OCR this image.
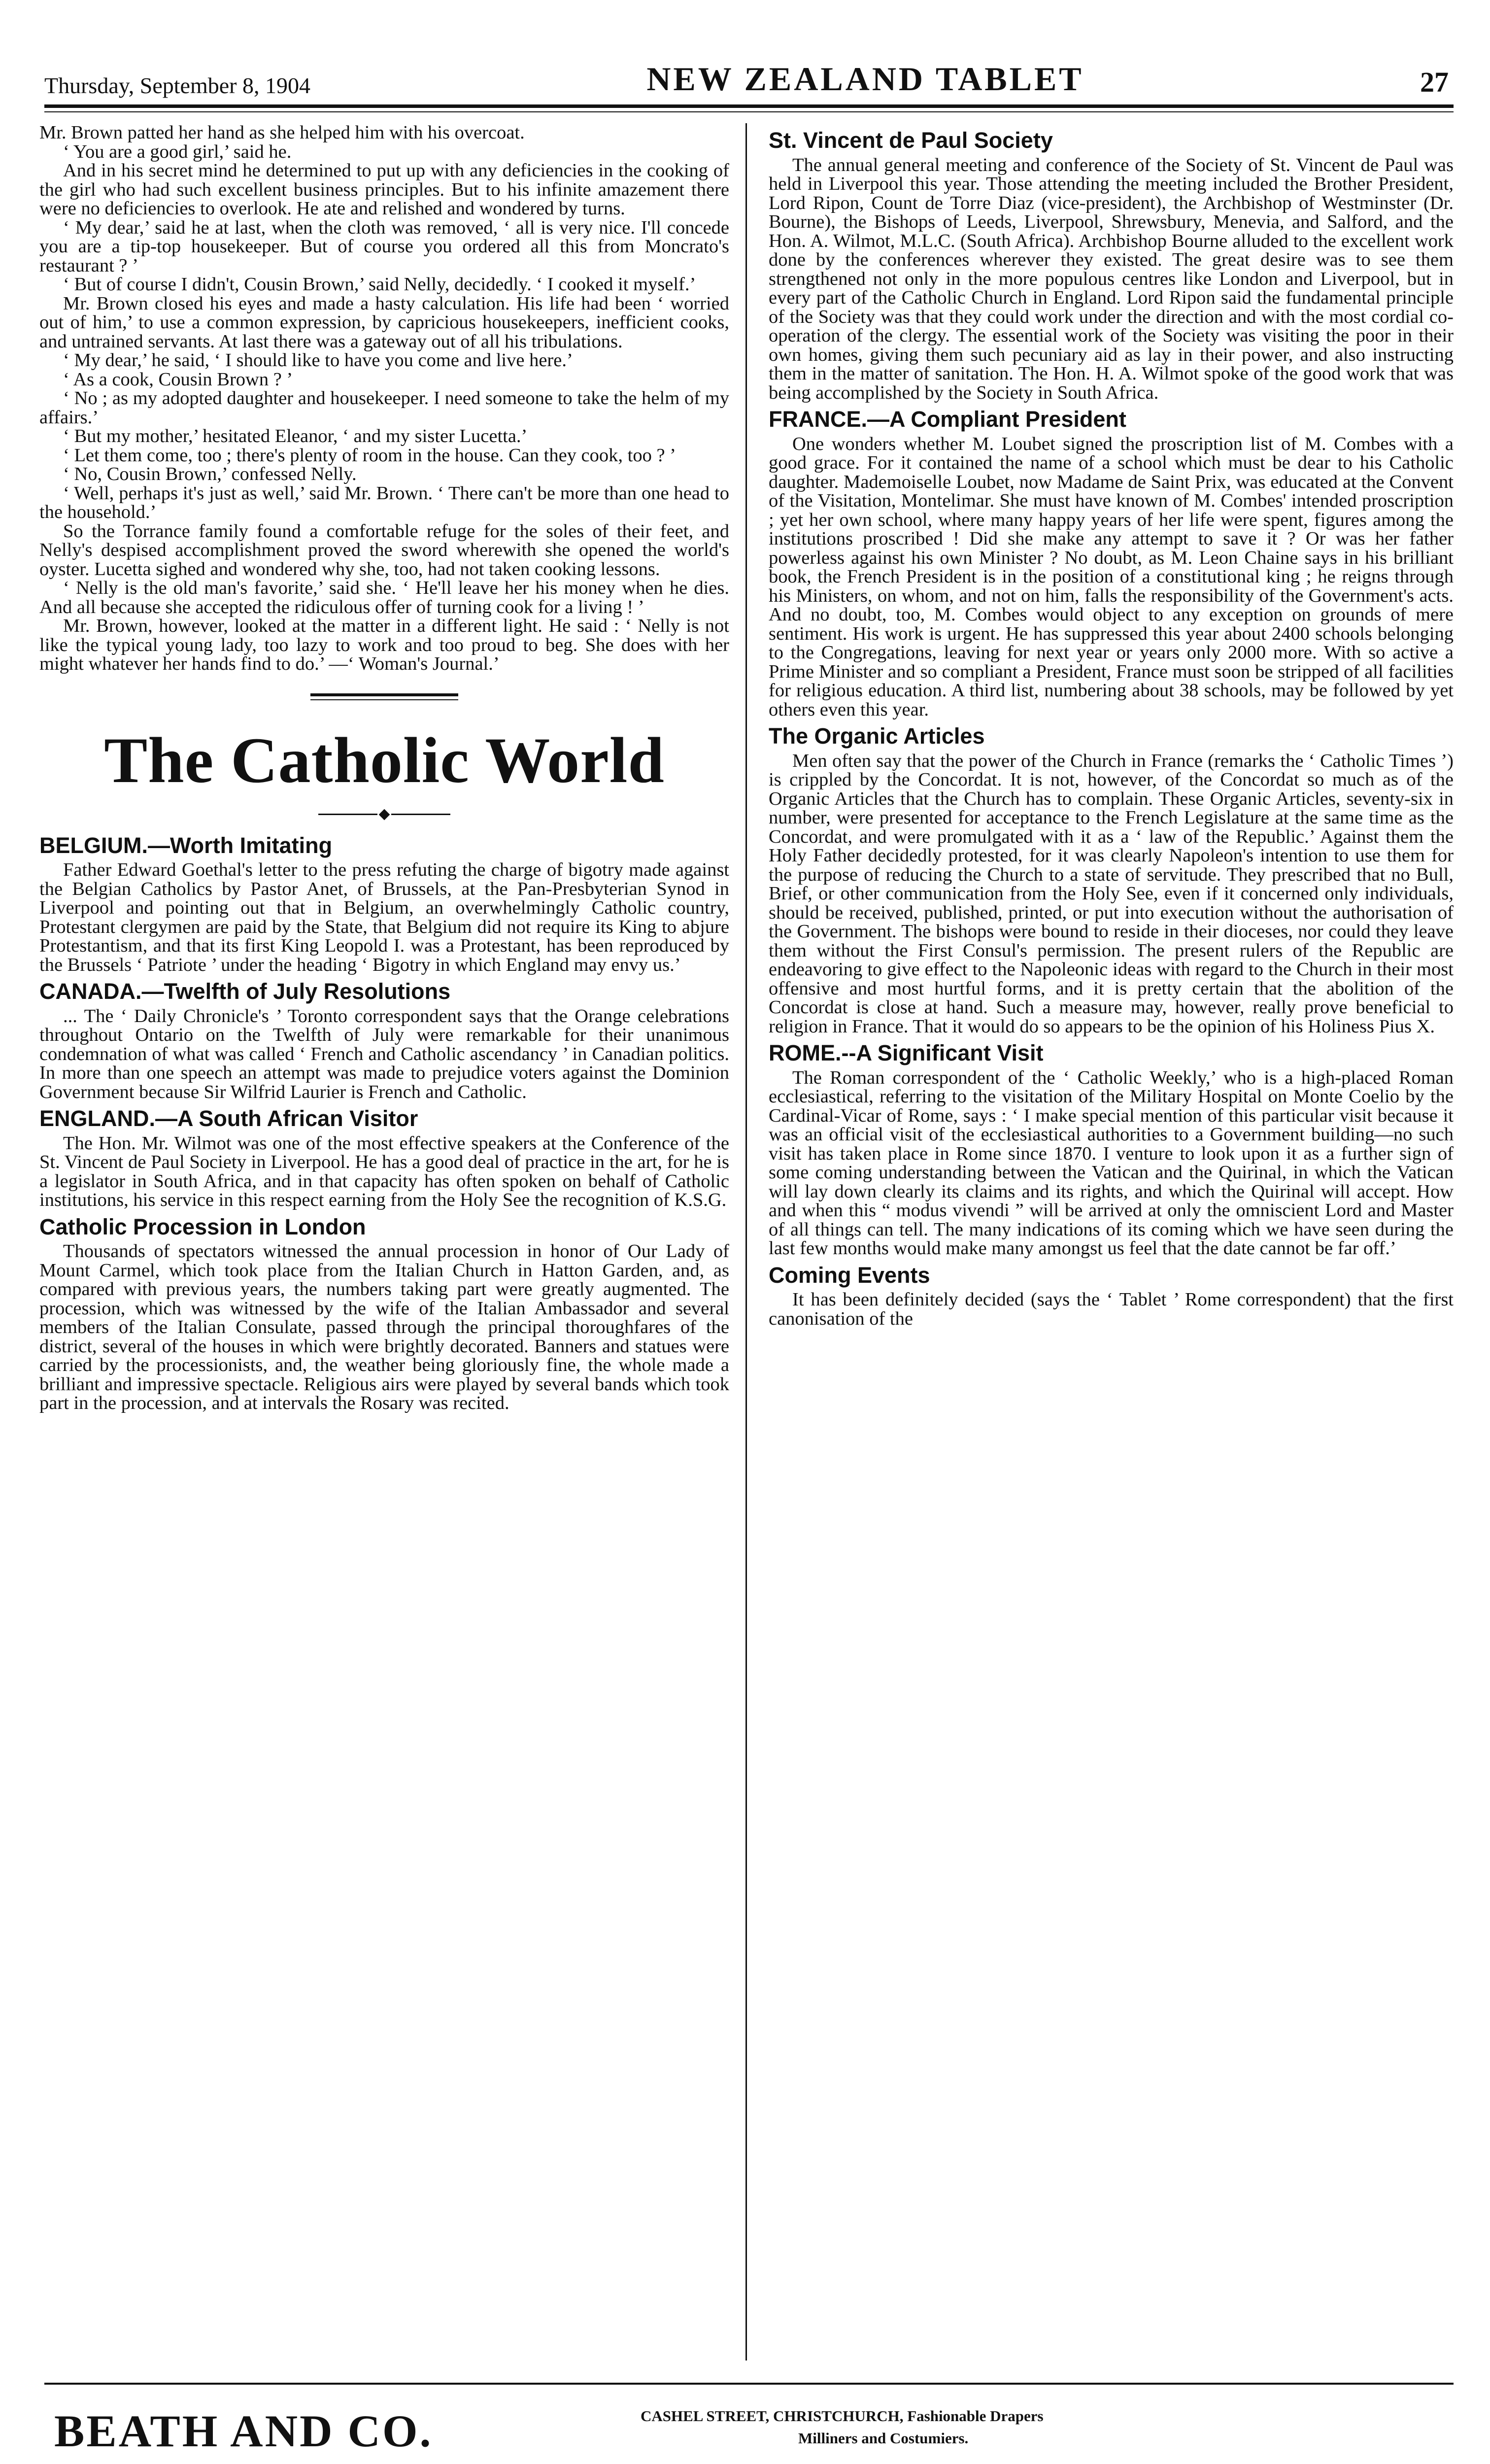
Thursday, September 8, 1904	NEW ZEALAND TABLET	27

Mr. Brown patted her hand as she helped him with his overcoat.

‘ You are a good girl,’ said he.

And in his secret mind he determined to put up with any deficiencies in the cooking of the girl who had such excellent business principles. But to his infinite amazement there were no deficiencies to overlook. He ate and relished and wondered by turns.

‘ My dear,’ said he at last, when the cloth was removed, ‘ all is very nice. I'll concede you are a tip-top housekeeper. But of course you ordered all this from Moncrato's restaurant ? ’

‘ But of course I didn't, Cousin Brown,’ said Nelly, decidedly. ‘ I cooked it myself.’

Mr. Brown closed his eyes and made a hasty calculation. His life had been ‘ worried out of him,’ to use a common expression, by capricious housekeepers, inefficient cooks, and untrained servants. At last there was a gateway out of all his tribulations.

‘ My dear,’ he said, ‘ I should like to have you come and live here.’

‘ As a cook, Cousin Brown ? ’

‘ No ; as my adopted daughter and housekeeper. I need someone to take the helm of my affairs.’

‘ But my mother,’ hesitated Eleanor, ‘ and my sister Lucetta.’

‘ Let them come, too ; there's plenty of room in the house. Can they cook, too ? ’

‘ No, Cousin Brown,’ confessed Nelly.

‘ Well, perhaps it's just as well,’ said Mr. Brown. ‘ There can't be more than one head to the household.’

So the Torrance family found a comfortable refuge for the soles of their feet, and Nelly's despised accomplishment proved the sword wherewith she opened the world's oyster. Lucetta sighed and wondered why she, too, had not taken cooking lessons.

‘ Nelly is the old man's favorite,’ said she. ‘ He'll leave her his money when he dies. And all because she accepted the ridiculous offer of turning cook for a living ! ’

Mr. Brown, however, looked at the matter in a different light. He said : ‘ Nelly is not like the typical young lady, too lazy to work and too proud to beg. She does with her might whatever her hands find to do.’ —‘ Woman's Journal.’

The Catholic World
BELGIUM.—Worth Imitating

Father Edward Goethal's letter to the press refuting the charge of bigotry made against the Belgian Catholics by Pastor Anet, of Brussels, at the Pan-Presbyterian Synod in Liverpool and pointing out that in Belgium, an overwhelmingly Catholic country, Protestant clergymen are paid by the State, that Belgium did not require its King to abjure Protestantism, and that its first King Leopold I. was a Protestant, has been reproduced by the Brussels ‘ Patriote ’ under the heading ‘ Bigotry in which England may envy us.’

CANADA.—Twelfth of July Resolutions

... The ‘ Daily Chronicle's ’ Toronto correspondent says that the Orange celebrations throughout Ontario on the Twelfth of July were remarkable for their unanimous condemnation of what was called ‘ French and Catholic ascendancy ’ in Canadian politics. In more than one speech an attempt was made to prejudice voters against the Dominion Government because Sir Wilfrid Laurier is French and Catholic.

ENGLAND.—A South African Visitor

The Hon. Mr. Wilmot was one of the most effective speakers at the Conference of the St. Vincent de Paul Society in Liverpool. He has a good deal of practice in the art, for he is a legislator in South Africa, and in that capacity has often spoken on behalf of Catholic institutions, his service in this respect earning from the Holy See the recognition of K.S.G.

Catholic Procession in London

Thousands of spectators witnessed the annual procession in honor of Our Lady of Mount Carmel, which took place from the Italian Church in Hatton Garden, and, as compared with previous years, the numbers taking part were greatly augmented. The procession, which was witnessed by the wife of the Italian Ambassador and several members of the Italian Consulate, passed through the principal thoroughfares of the district, several of the houses in which were brightly decorated. Banners and statues were carried by the processionists, and, the weather being gloriously fine, the whole made a brilliant and impressive spectacle. Religious airs were played by several bands which took part in the procession, and at intervals the Rosary was recited.

St. Vincent de Paul Society

The annual general meeting and conference of the Society of St. Vincent de Paul was held in Liverpool this year. Those attending the meeting included the Brother President, Lord Ripon, Count de Torre Diaz (vice-president), the Archbishop of Westminster (Dr. Bourne), the Bishops of Leeds, Liverpool, Shrewsbury, Menevia, and Salford, and the Hon. A. Wilmot, M.L.C. (South Africa). Archbishop Bourne alluded to the excellent work done by the conferences wherever they existed. The great desire was to see them strengthened not only in the more populous centres like London and Liverpool, but in every part of the Catholic Church in England. Lord Ripon said the fundamental principle of the Society was that they could work under the direction and with the most cordial co-operation of the clergy. The essential work of the Society was visiting the poor in their own homes, giving them such pecuniary aid as lay in their power, and also instructing them in the matter of sanitation. The Hon. H. A. Wilmot spoke of the good work that was being accomplished by the Society in South Africa.

FRANCE.—A Compliant President

One wonders whether M. Loubet signed the proscription list of M. Combes with a good grace. For it contained the name of a school which must be dear to his Catholic daughter. Mademoiselle Loubet, now Madame de Saint Prix, was educated at the Convent of the Visitation, Montelimar. She must have known of M. Combes' intended proscription ; yet her own school, where many happy years of her life were spent, figures among the institutions proscribed ! Did she make any attempt to save it ? Or was her father powerless against his own Minister ? No doubt, as M. Leon Chaine says in his brilliant book, the French President is in the position of a constitutional king ; he reigns through his Ministers, on whom, and not on him, falls the responsibility of the Government's acts. And no doubt, too, M. Combes would object to any exception on grounds of mere sentiment. His work is urgent. He has suppressed this year about 2400 schools belonging to the Congregations, leaving for next year or years only 2000 more. With so active a Prime Minister and so compliant a President, France must soon be stripped of all facilities for religious education. A third list, numbering about 38 schools, may be followed by yet others even this year.

The Organic Articles

Men often say that the power of the Church in France (remarks the ‘ Catholic Times ’) is crippled by the Concordat. It is not, however, of the Concordat so much as of the Organic Articles that the Church has to complain. These Organic Articles, seventy-six in number, were presented for acceptance to the French Legislature at the same time as the Concordat, and were promulgated with it as a ‘ law of the Republic.’ Against them the Holy Father decidedly protested, for it was clearly Napoleon's intention to use them for the purpose of reducing the Church to a state of servitude. They prescribed that no Bull, Brief, or other communication from the Holy See, even if it concerned only individuals, should be received, published, printed, or put into execution without the authorisation of the Government. The bishops were bound to reside in their dioceses, nor could they leave them without the First Consul's permission. The present rulers of the Republic are endeavoring to give effect to the Napoleonic ideas with regard to the Church in their most offensive and most hurtful forms, and it is pretty certain that the abolition of the Concordat is close at hand. Such a measure may, however, really prove beneficial to religion in France. That it would do so appears to be the opinion of his Holiness Pius X.

ROME.--A Significant Visit

The Roman correspondent of the ‘ Catholic Weekly,’ who is a high-placed Roman ecclesiastical, referring to the visitation of the Military Hospital on Monte Coelio by the Cardinal-Vicar of Rome, says : ‘ I make special mention of this particular visit because it was an official visit of the ecclesiastical authorities to a Government building—no such visit has taken place in Rome since 1870. I venture to look upon it as a further sign of some coming understanding between the Vatican and the Quirinal, in which the Vatican will lay down clearly its claims and its rights, and which the Quirinal will accept. How and when this “ modus vivendi ” will be arrived at only the omniscient Lord and Master of all things can tell. The many indications of its coming which we have seen during the last few months would make many amongst us feel that the date cannot be far off.’

Coming Events

It has been definitely decided (says the ‘ Tablet ’ Rome correspondent) that the first canonisation of the

BEATH AND CO.	CASHEL STREET, CHRISTCHURCH, Fashionable Drapers
Milliners and Costumiers.
